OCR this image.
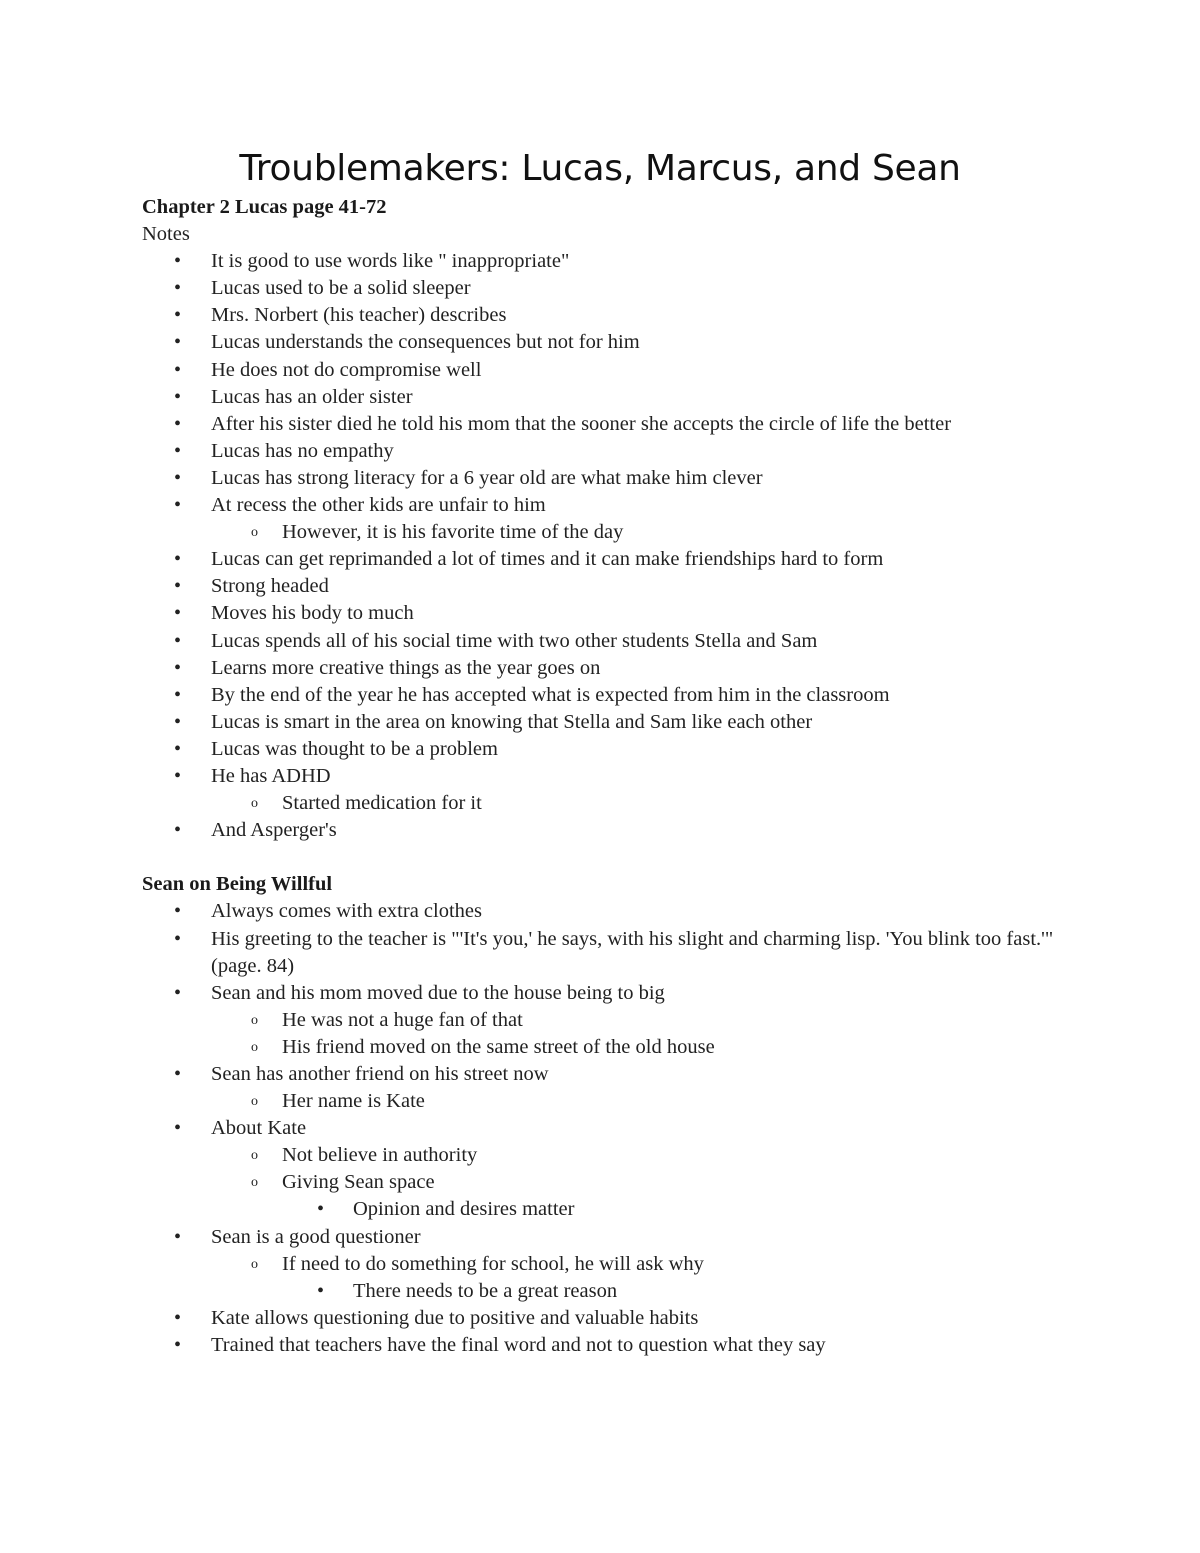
Troublemakers: Lucas, Marcus, and Sean
Chapter 2 Lucas page 41-72
Notes
• It is good to use words like " inappropriate"
• Lucas used to be a solid sleeper
• Mrs. Norbert (his teacher) describes
• Lucas understands the consequences but not for him
• He does not do compromise well
• Lucas has an older sister
• After his sister died he told his mom that the sooner she accepts the circle of life the better
• Lucas has no empathy
• Lucas has strong literacy for a 6 year old are what make him clever
• At recess the other kids are unfair to him
o However, it is his favorite time of the day
• Lucas can get reprimanded a lot of times and it can make friendships hard to form
• Strong headed
• Moves his body to much
• Lucas spends all of his social time with two other students Stella and Sam
• Learns more creative things as the year goes on
• By the end of the year he has accepted what is expected from him in the classroom
• Lucas is smart in the area on knowing that Stella and Sam like each other
• Lucas was thought to be a problem
• He has ADHD
o Started medication for it
• And Asperger's
Sean on Being Willful
• Always comes with extra clothes
• His greeting to the teacher is "'It's you,' he says, with his slight and charming lisp. 'You blink too fast.'" (page. 84)
• Sean and his mom moved due to the house being to big
o He was not a huge fan of that
o His friend moved on the same street of the old house
• Sean has another friend on his street now
o Her name is Kate
• About Kate
o Not believe in authority
o Giving Sean space
• Opinion and desires matter
• Sean is a good questioner
o If need to do something for school, he will ask why
• There needs to be a great reason
• Kate allows questioning due to positive and valuable habits
• Trained that teachers have the final word and not to question what they say
